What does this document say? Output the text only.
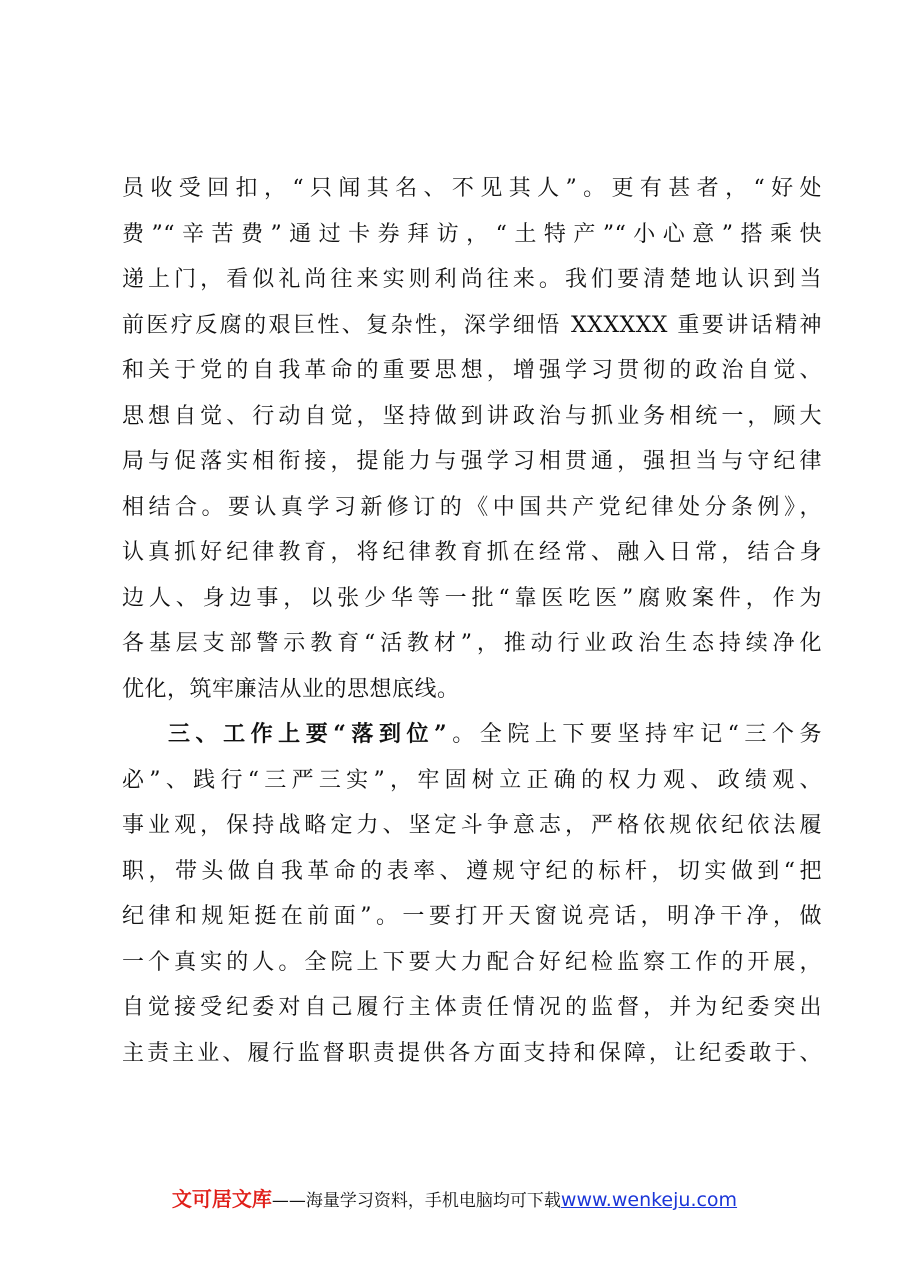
员收受回扣，“只闻其名、不见其人”。更有甚者，“好处
费”“辛苦费”通过卡券拜访，“土特产”“小心意”搭乘快
递上门，看似礼尚往来实则利尚往来。我们要清楚地认识到当
前医疗反腐的艰巨性、复杂性，深学细悟 XXXXXX 重要讲话精神
和关于党的自我革命的重要思想，增强学习贯彻的政治自觉、
思想自觉、行动自觉，坚持做到讲政治与抓业务相统一，顾大
局与促落实相衔接，提能力与强学习相贯通，强担当与守纪律
相结合。要认真学习新修订的《中国共产党纪律处分条例》，
认真抓好纪律教育，将纪律教育抓在经常、融入日常，结合身
边人、身边事，以张少华等一批“靠医吃医”腐败案件，作为
各基层支部警示教育“活教材”，推动行业政治生态持续净化
优化，筑牢廉洁从业的思想底线。
三、工作上要“落到位”。全院上下要坚持牢记“三个务
必”、践行“三严三实”，牢固树立正确的权力观、政绩观、
事业观，保持战略定力、坚定斗争意志，严格依规依纪依法履
职，带头做自我革命的表率、遵规守纪的标杆，切实做到“把
纪律和规矩挺在前面”。一要打开天窗说亮话，明净干净，做
一个真实的人。全院上下要大力配合好纪检监察工作的开展，
自觉接受纪委对自己履行主体责任情况的监督，并为纪委突出
主责主业、履行监督职责提供各方面支持和保障，让纪委敢于、
文可居文库——海量学习资料，手机电脑均可下载www.wenkeju.com
